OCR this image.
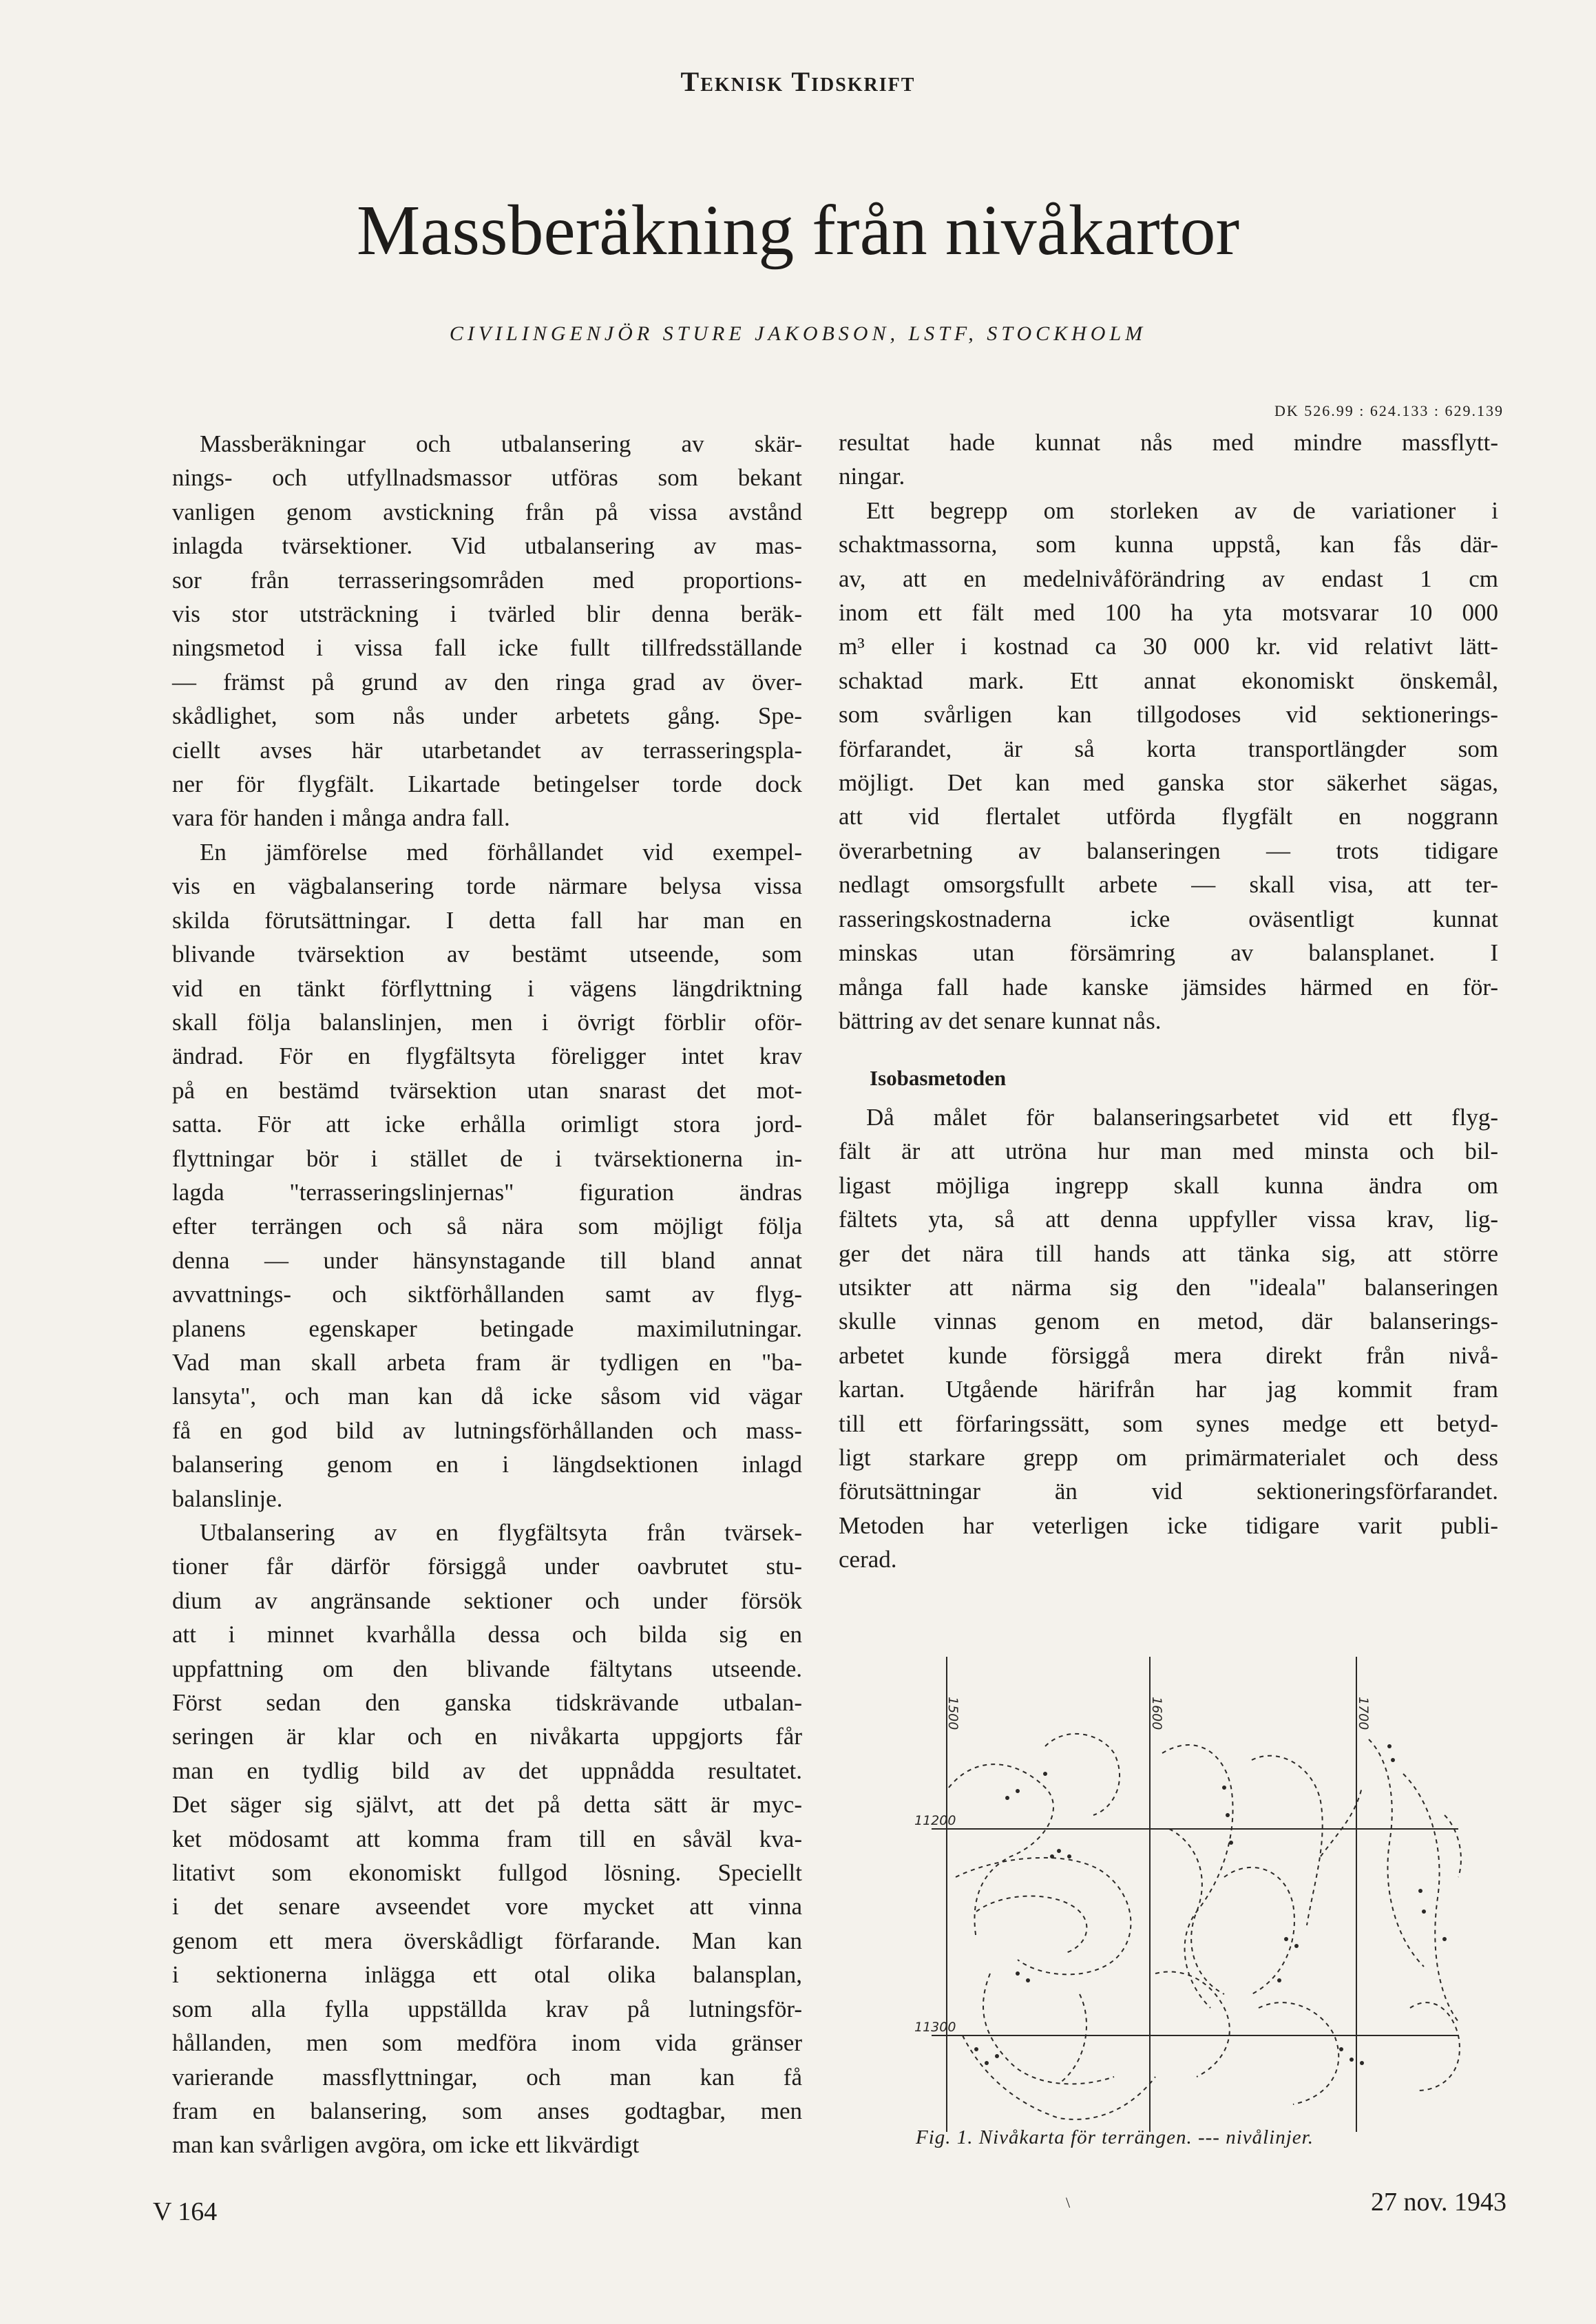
Teknisk Tidskrift
Massberäkning från nivåkartor
CIVILINGENJÖR STURE JAKOBSON, LSTF, STOCKHOLM
DK 526.99 : 624.133 : 629.139

Massberäkningar och utbalansering av skär-

nings- och utfyllnadsmassor utföras som bekant

vanligen genom avstickning från på vissa avstånd

inlagda tvärsektioner. Vid utbalansering av mas-

sor från terrasseringsområden med proportions-

vis stor utsträckning i tvärled blir denna beräk-

ningsmetod i vissa fall icke fullt tillfredsställande

— främst på grund av den ringa grad av över-

skådlighet, som nås under arbetets gång. Spe-

ciellt avses här utarbetandet av terrasseringspla-

ner för flygfält. Likartade betingelser torde dock

vara för handen i många andra fall.

En jämförelse med förhållandet vid exempel-

vis en vägbalansering torde närmare belysa vissa

skilda förutsättningar. I detta fall har man en

blivande tvärsektion av bestämt utseende, som

vid en tänkt förflyttning i vägens längdriktning

skall följa balanslinjen, men i övrigt förblir oför-

ändrad. För en flygfältsyta föreligger intet krav

på en bestämd tvärsektion utan snarast det mot-

satta. För att icke erhålla orimligt stora jord-

flyttningar bör i stället de i tvärsektionerna in-

lagda "terrasseringslinjernas" figuration ändras

efter terrängen och så nära som möjligt följa

denna — under hänsynstagande till bland annat

avvattnings- och siktförhållanden samt av flyg-

planens egenskaper betingade maximilutningar.

Vad man skall arbeta fram är tydligen en "ba-

lansyta", och man kan då icke såsom vid vägar

få en god bild av lutningsförhållanden och mass-

balansering genom en i längdsektionen inlagd

balanslinje.

Utbalansering av en flygfältsyta från tvärsek-

tioner får därför försiggå under oavbrutet stu-

dium av angränsande sektioner och under försök

att i minnet kvarhålla dessa och bilda sig en

uppfattning om den blivande fältytans utseende.

Först sedan den ganska tidskrävande utbalan-

seringen är klar och en nivåkarta uppgjorts får

man en tydlig bild av det uppnådda resultatet.

Det säger sig självt, att det på detta sätt är myc-

ket mödosamt att komma fram till en såväl kva-

litativt som ekonomiskt fullgod lösning. Speciellt

i det senare avseendet vore mycket att vinna

genom ett mera överskådligt förfarande. Man kan

i sektionerna inlägga ett otal olika balansplan,

som alla fylla uppställda krav på lutningsför-

hållanden, men som medföra inom vida gränser

varierande massflyttningar, och man kan få

fram en balansering, som anses godtagbar, men

man kan svårligen avgöra, om icke ett likvärdigt

resultat hade kunnat nås med mindre massflytt-

ningar.

Ett begrepp om storleken av de variationer i

schaktmassorna, som kunna uppstå, kan fås där-

av, att en medelnivåförändring av endast 1 cm

inom ett fält med 100 ha yta motsvarar 10 000

m³ eller i kostnad ca 30 000 kr. vid relativt lätt-

schaktad mark. Ett annat ekonomiskt önskemål,

som svårligen kan tillgodoses vid sektionerings-

förfarandet, är så korta transportlängder som

möjligt. Det kan med ganska stor säkerhet sägas,

att vid flertalet utförda flygfält en noggrann

överarbetning av balanseringen — trots tidigare

nedlagt omsorgsfullt arbete — skall visa, att ter-

rasseringskostnaderna icke oväsentligt kunnat

minskas utan försämring av balansplanet. I

många fall hade kanske jämsides härmed en för-

bättring av det senare kunnat nås.

Isobasmetoden

Då målet för balanseringsarbetet vid ett flyg-

fält är att utröna hur man med minsta och bil-

ligast möjliga ingrepp skall kunna ändra om

fältets yta, så att denna uppfyller vissa krav, lig-

ger det nära till hands att tänka sig, att större

utsikter att närma sig den "ideala" balanseringen

skulle vinnas genom en metod, där balanserings-

arbetet kunde försiggå mera direkt från nivå-

kartan. Utgående härifrån har jag kommit fram

till ett förfaringssätt, som synes medge ett betyd-

ligt starkare grepp om primärmaterialet och dess

förutsättningar än vid sektioneringsförfarandet.

Metoden har veterligen icke tidigare varit publi-

cerad.

1500	1600	1700
11200
11300
Fig. 1. Nivåkarta för terrängen. --- nivålinjer.
V 164	\	27 nov. 1943
